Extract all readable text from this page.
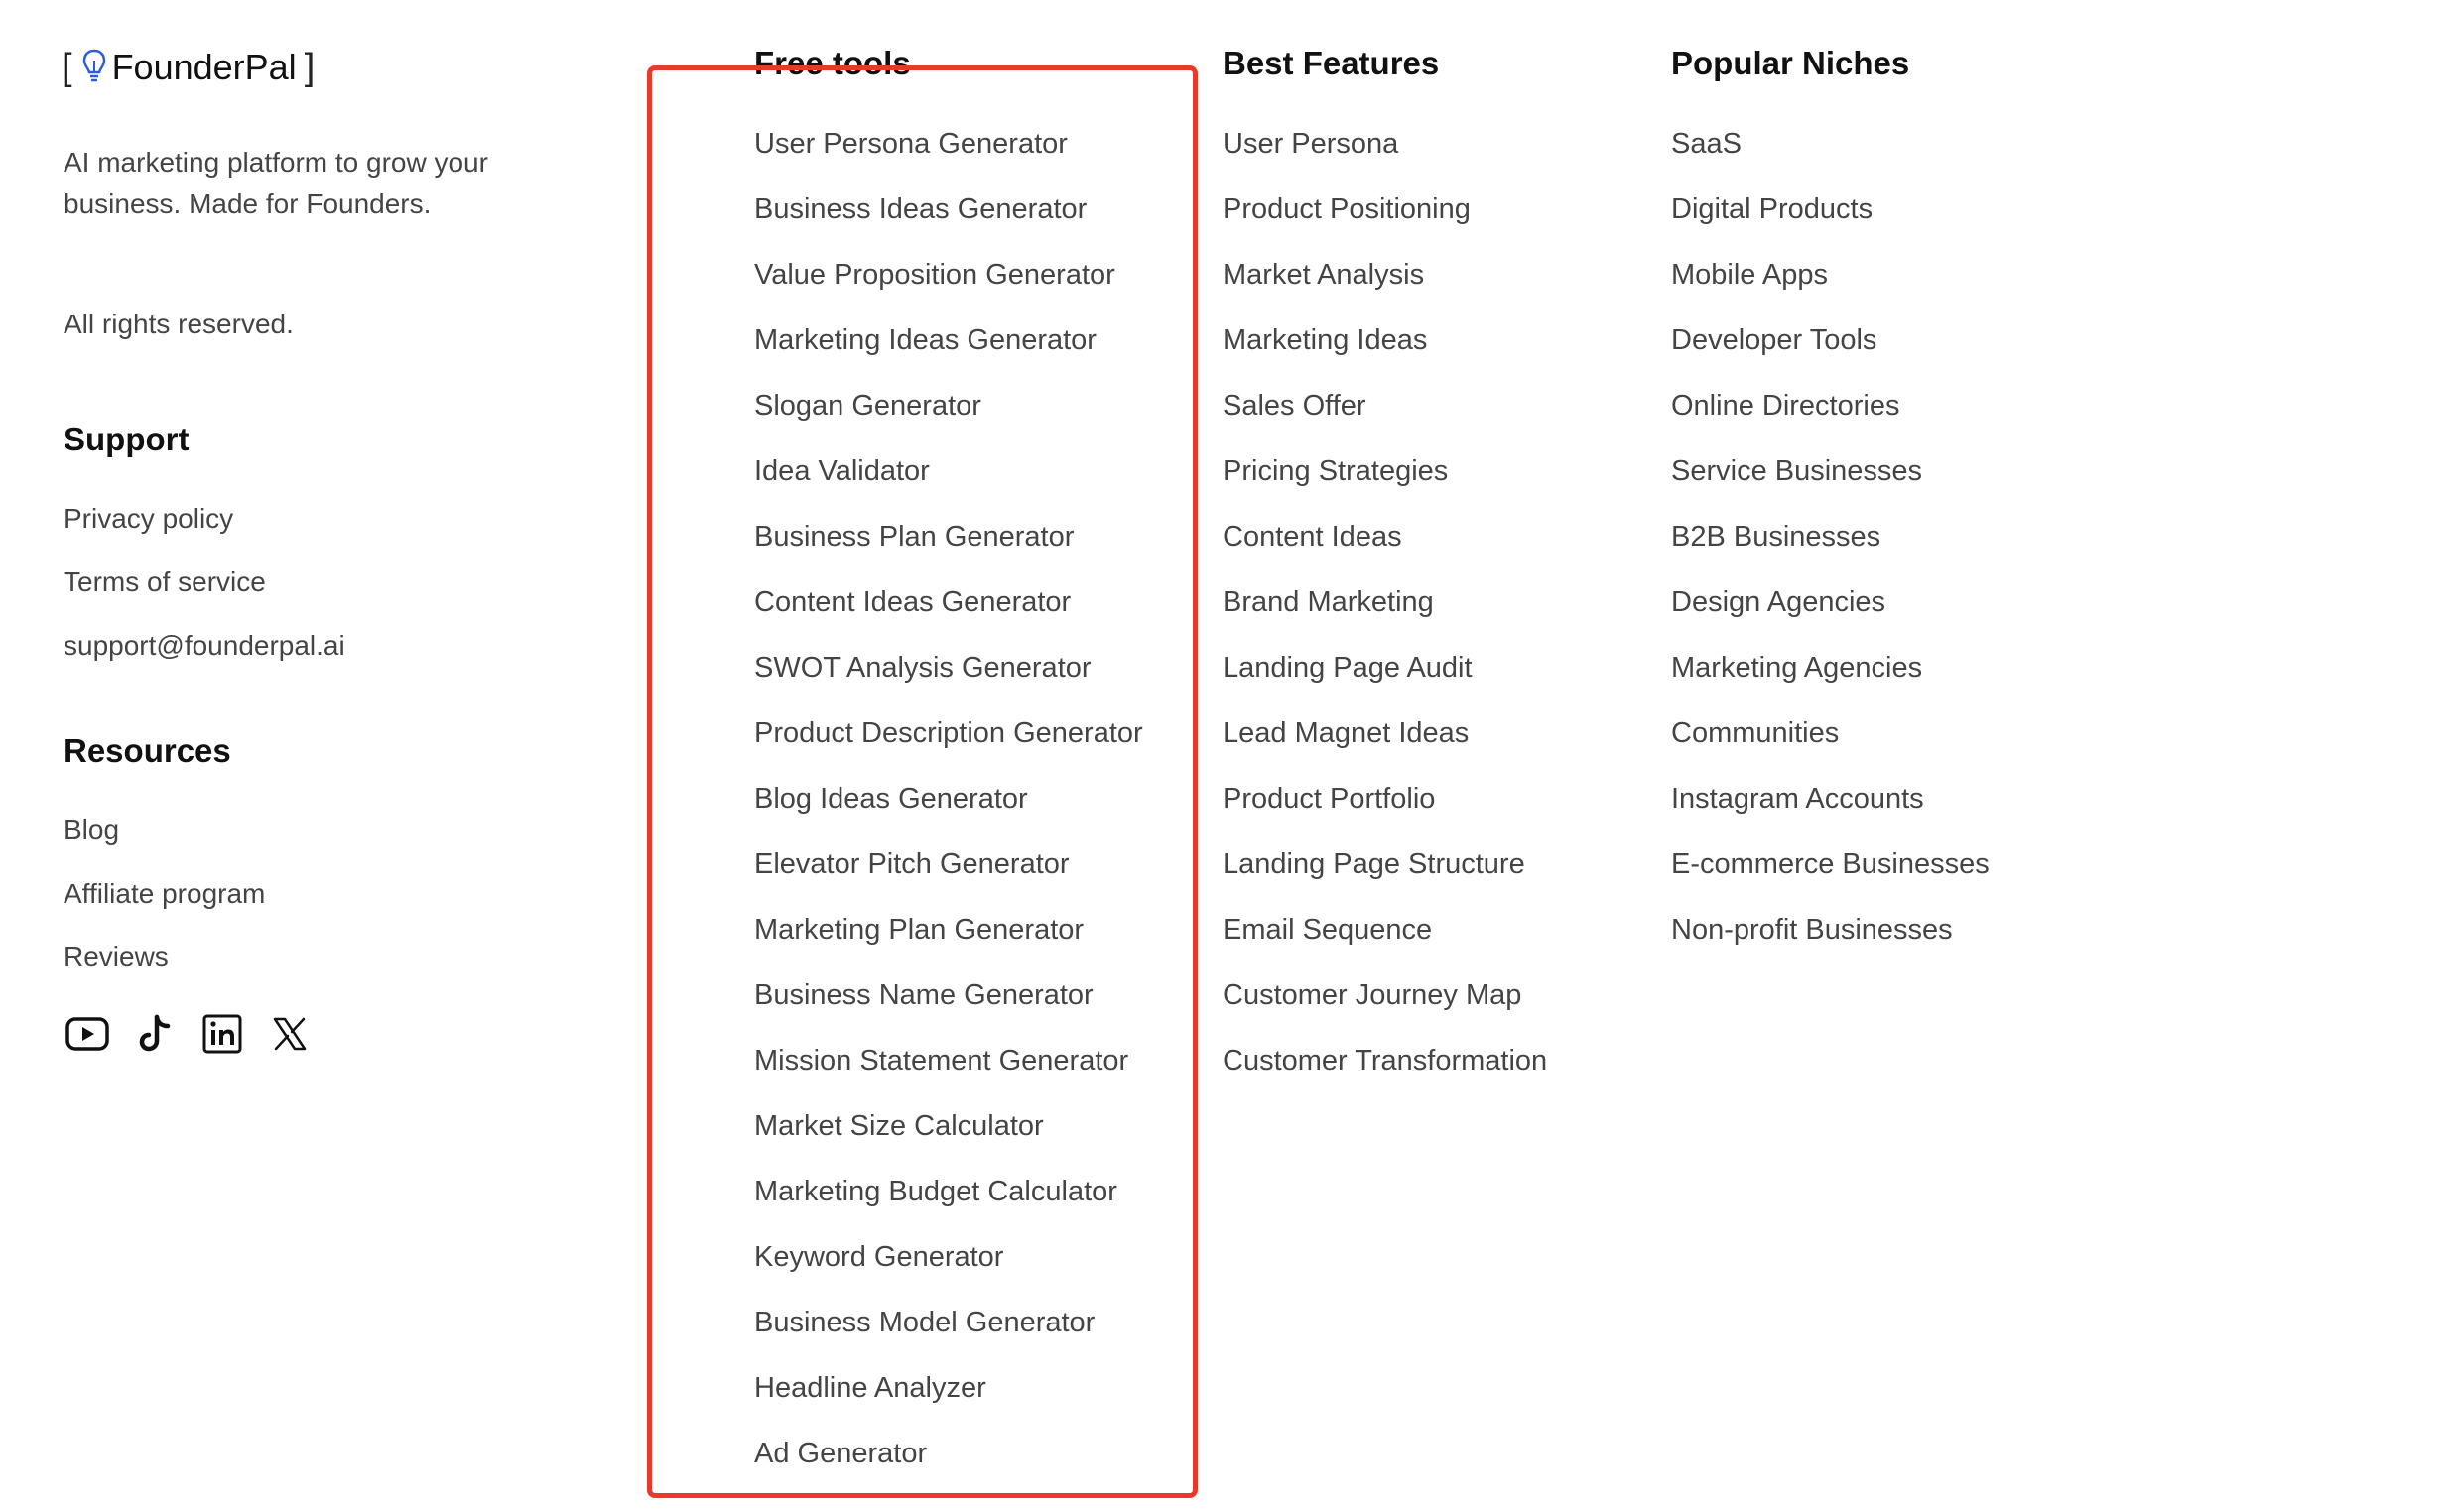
[ FounderPal ]
AI marketing platform to grow your business. Made for Founders.
All rights reserved.
Support
Privacy policy
Terms of service
support@founderpal.ai
Resources
Blog
Affiliate program
Reviews
Free tools
User Persona Generator
Business Ideas Generator
Value Proposition Generator
Marketing Ideas Generator
Slogan Generator
Idea Validator
Business Plan Generator
Content Ideas Generator
SWOT Analysis Generator
Product Description Generator
Blog Ideas Generator
Elevator Pitch Generator
Marketing Plan Generator
Business Name Generator
Mission Statement Generator
Market Size Calculator
Marketing Budget Calculator
Keyword Generator
Business Model Generator
Headline Analyzer
Ad Generator
Best Features
User Persona
Product Positioning
Market Analysis
Marketing Ideas
Sales Offer
Pricing Strategies
Content Ideas
Brand Marketing
Landing Page Audit
Lead Magnet Ideas
Product Portfolio
Landing Page Structure
Email Sequence
Customer Journey Map
Customer Transformation
Popular Niches
SaaS
Digital Products
Mobile Apps
Developer Tools
Online Directories
Service Businesses
B2B Businesses
Design Agencies
Marketing Agencies
Communities
Instagram Accounts
E-commerce Businesses
Non-profit Businesses
